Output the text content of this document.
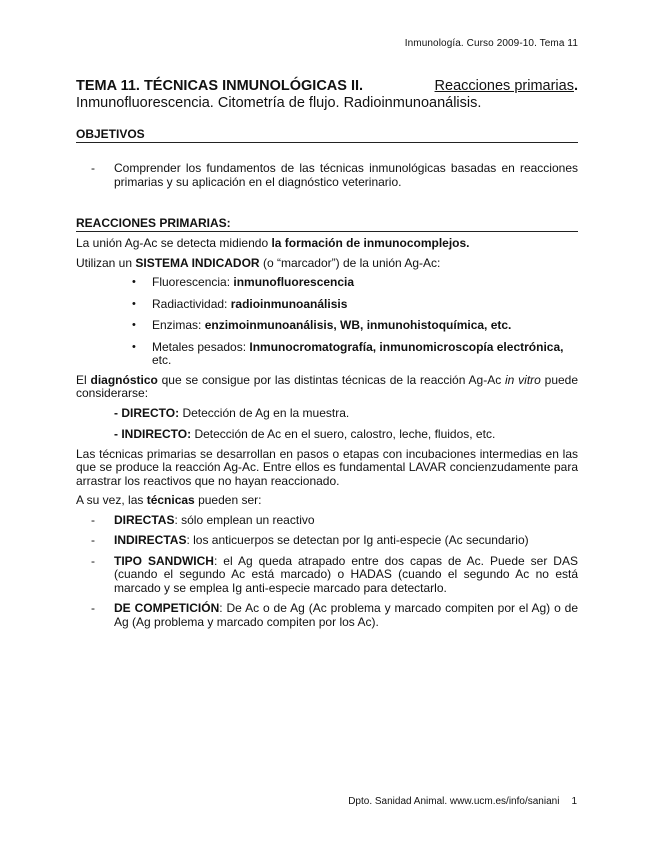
Inmunología. Curso 2009-10. Tema 11
TEMA 11. TÉCNICAS INMUNOLÓGICAS II.	Reacciones primarias.
Inmunofluorescencia. Citometría de flujo. Radioinmunoanálisis.
OBJETIVOS
- Comprender los fundamentos de las técnicas inmunológicas basadas en reacciones primarias y su aplicación en el diagnóstico veterinario.
REACCIONES PRIMARIAS:

La unión Ag-Ac se detecta midiendo la formación de inmunocomplejos.

Utilizan un SISTEMA INDICADOR (o “marcador”) de la unión Ag-Ac:

• Fluorescencia: inmunofluorescencia
• Radiactividad: radioinmunoanálisis
• Enzimas: enzimoinmunoanálisis, WB, inmunohistoquímica, etc.
• Metales pesados: Inmunocromatografía, inmunomicroscopía electrónica, etc.

El diagnóstico que se consigue por las distintas técnicas de la reacción Ag-Ac in vitro puede considerarse:

- DIRECTO: Detección de Ag en la muestra.
- INDIRECTO: Detección de Ac en el suero, calostro, leche, fluidos, etc.

Las técnicas primarias se desarrollan en pasos o etapas con incubaciones intermedias en las que se produce la reacción Ag-Ac. Entre ellos es fundamental LAVAR concienzudamente para arrastrar los reactivos que no hayan reaccionado.

A su vez, las técnicas pueden ser:

- DIRECTAS: sólo emplean un reactivo
- INDIRECTAS: los anticuerpos se detectan por Ig anti-especie (Ac secundario)
- TIPO SANDWICH: el Ag queda atrapado entre dos capas de Ac. Puede ser DAS (cuando el segundo Ac está marcado) o HADAS (cuando el segundo Ac no está marcado y se emplea Ig anti-especie marcado para detectarlo.
- DE COMPETICIÓN: De Ac o de Ag (Ac problema y marcado compiten por el Ag) o de Ag (Ag problema y marcado compiten por los Ac).
Dpto. Sanidad Animal. www.ucm.es/info/saniani 1
